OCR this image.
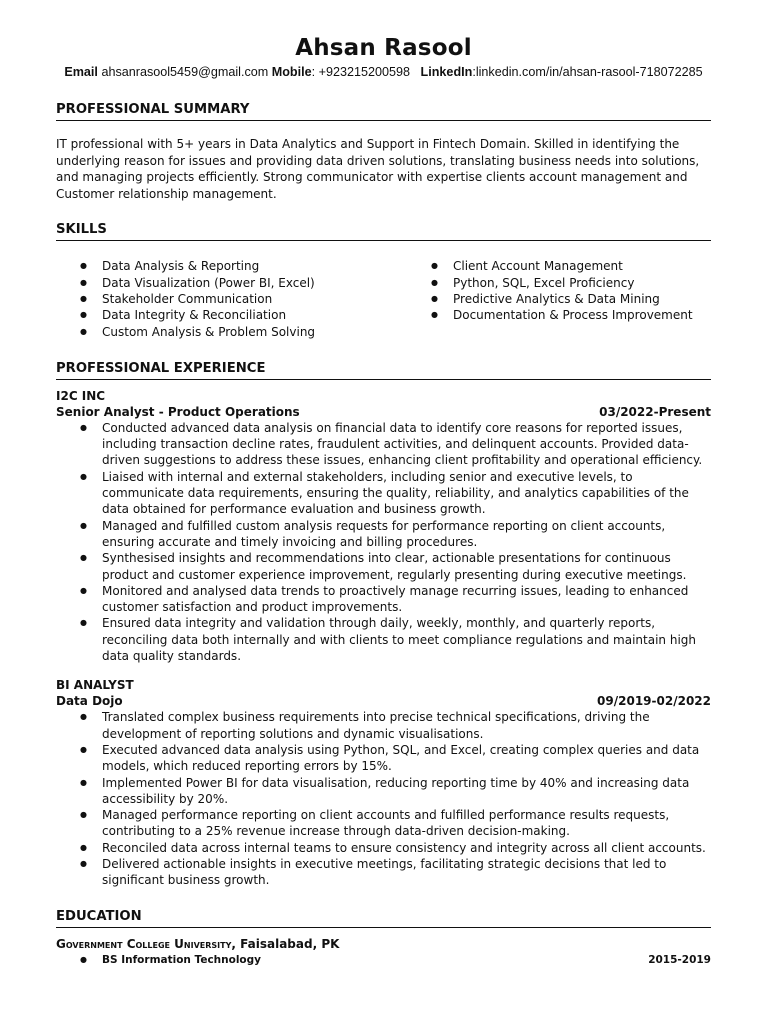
Ahsan Rasool
Email ahsanrasool5459@gmail.com Mobile: +923215200598 LinkedIn:linkedin.com/in/ahsan-rasool-718072285
PROFESSIONAL SUMMARY

IT professional with 5+ years in Data Analytics and Support in Fintech Domain. Skilled in identifying the underlying reason for issues and providing data driven solutions, translating business needs into solutions, and managing projects efficiently. Strong communicator with expertise clients account management and Customer relationship management.

SKILLS
● Data Analysis & Reporting
● Data Visualization (Power BI, Excel)
● Stakeholder Communication
● Data Integrity & Reconciliation
● Custom Analysis & Problem Solving
● Client Account Management
● Python, SQL, Excel Proficiency
● Predictive Analytics & Data Mining
● Documentation & Process Improvement
PROFESSIONAL EXPERIENCE
I2C INC
Senior Analyst - Product Operations	03/2022-Present
● Conducted advanced data analysis on financial data to identify core reasons for reported issues, including transaction decline rates, fraudulent activities, and delinquent accounts. Provided data-driven suggestions to address these issues, enhancing client profitability and operational efficiency.
● Liaised with internal and external stakeholders, including senior and executive levels, to communicate data requirements, ensuring the quality, reliability, and analytics capabilities of the data obtained for performance evaluation and business growth.
● Managed and fulfilled custom analysis requests for performance reporting on client accounts, ensuring accurate and timely invoicing and billing procedures.
● Synthesised insights and recommendations into clear, actionable presentations for continuous product and customer experience improvement, regularly presenting during executive meetings.
● Monitored and analysed data trends to proactively manage recurring issues, leading to enhanced customer satisfaction and product improvements.
● Ensured data integrity and validation through daily, weekly, monthly, and quarterly reports, reconciling data both internally and with clients to meet compliance regulations and maintain high data quality standards.
BI ANALYST
Data Dojo	09/2019-02/2022
● Translated complex business requirements into precise technical specifications, driving the development of reporting solutions and dynamic visualisations.
● Executed advanced data analysis using Python, SQL, and Excel, creating complex queries and data models, which reduced reporting errors by 15%.
● Implemented Power BI for data visualisation, reducing reporting time by 40% and increasing data accessibility by 20%.
● Managed performance reporting on client accounts and fulfilled performance results requests, contributing to a 25% revenue increase through data-driven decision-making.
● Reconciled data across internal teams to ensure consistency and integrity across all client accounts.
● Delivered actionable insights in executive meetings, facilitating strategic decisions that led to significant business growth.
EDUCATION
Government College University, Faisalabad, PK
● BS Information Technology	2015-2019
